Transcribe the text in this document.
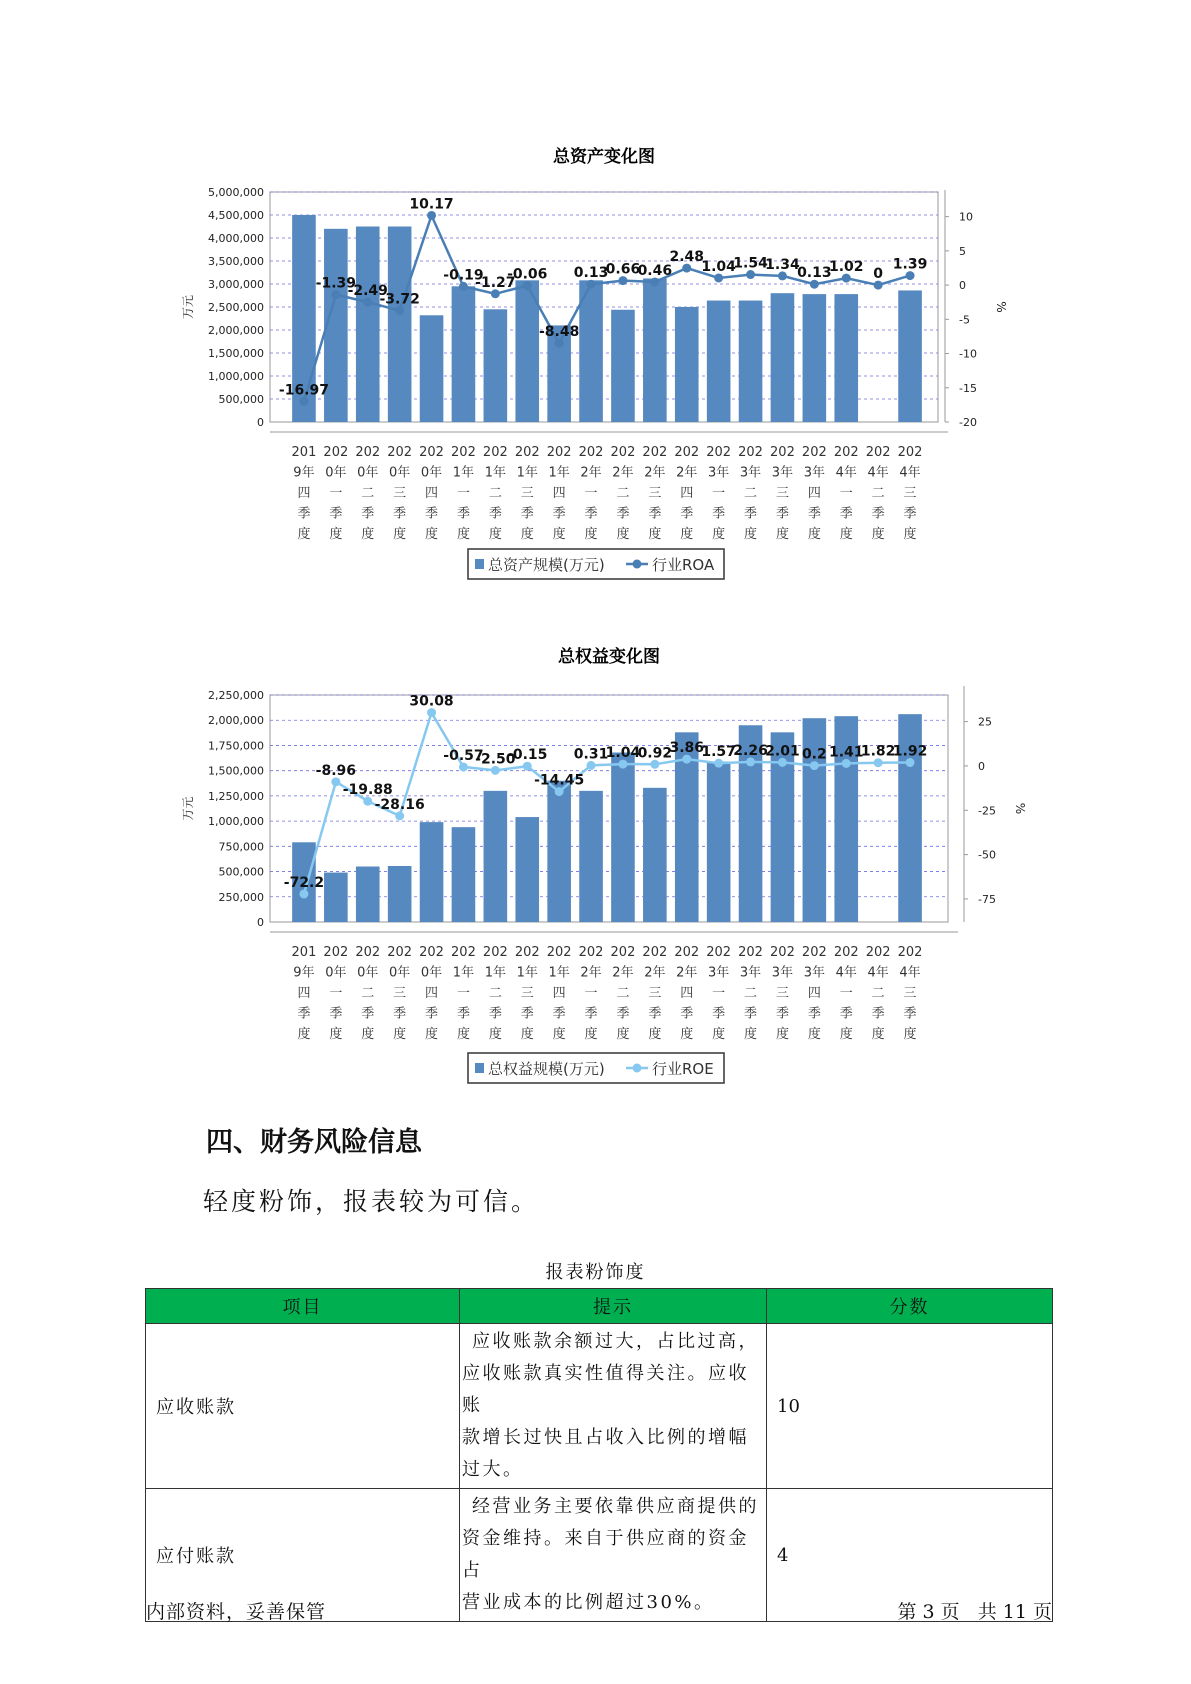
总资产变化图
0
500,000
1,000,000
1,500,000
2,000,000
2,500,000
3,000,000
3,500,000
4,000,000
4,500,000
5,000,000
10
5
0
-5
-10
-15
-20
万元	%
-16.97
-1.39
-2.49
-3.72
10.17
-0.19
-1.27
-0.06
-8.48
0.13
0.66
0.46
2.48
1.04
1.54
1.34
0.13
1.02 0
1.39
201
9年
四
季
度
202
0年
一
季
度
202
0年
二
季
度
202
0年
三
季
度
202
0年
四
季
度
202
1年
一
季
度
202
1年
二
季
度
202
1年
三
季
度
202
1年
四
季
度
202
2年
一
季
度
202
2年
二
季
度
202
2年
三
季
度
202
2年
四
季
度
202
3年
一
季
度
202
3年
二
季
度
202
3年
三
季
度
202
3年
四
季
度
202
4年
一
季
度
202
4年
二
季
度
202
4年
三
季
度
总资产规模(万元)	行业ROA
总权益变化图
0
250,000
500,000
750,000
1,000,000
1,250,000
1,500,000
1,750,000
2,000,000
2,250,000
25
0
-25
-50
-75
万元	%
-72.2
-8.96
-19.88
-28.16
30.08
-0.57
-2.50
-0.15
-14.45
0.31
1.04
0.92
3.86
1.57
2.26
2.01 0.2 1.41
1.82
1.92
201
9年
四
季
度
202
0年
一
季
度
202
0年
二
季
度
202
0年
三
季
度
202
0年
四
季
度
202
1年
一
季
度
202
1年
二
季
度
202
1年
三
季
度
202
1年
四
季
度
202
2年
一
季
度
202
2年
二
季
度
202
2年
三
季
度
202
2年
四
季
度
202
3年
一
季
度
202
3年
二
季
度
202
3年
三
季
度
202
3年
四
季
度
202
4年
一
季
度
202
4年
二
季
度
202
4年
三
季
度
总权益规模(万元)	行业ROE
四、财务风险信息

轻度粉饰，报表较为可信。

报表粉饰度
项目	提示	分数
应收账款	应收账款余额过大，占比过高，
应收账款真实性值得关注。应收账
款增长过快且占收入比例的增幅
过大。	10
应付账款	经营业务主要依靠供应商提供的
资金维持。来自于供应商的资金占
营业成本的比例超过30%。	4
内部资料，妥善保管	第 3 页   共 11 页
